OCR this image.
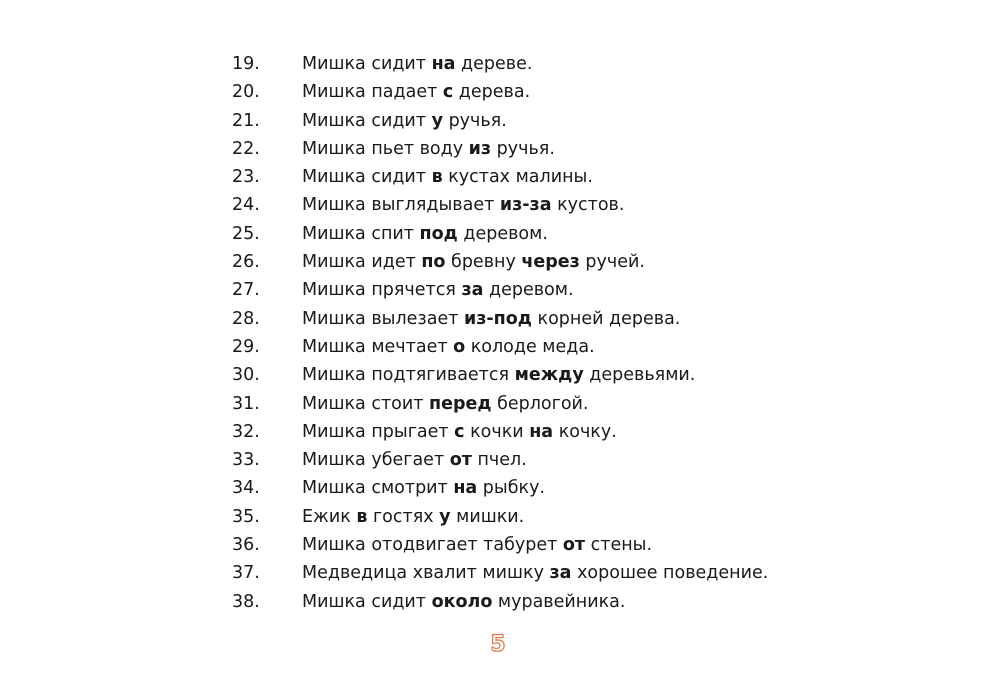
19.	Мишка сидит на дереве.
20.	Мишка падает с дерева.
21.	Мишка сидит у ручья.
22.	Мишка пьет воду из ручья.
23.	Мишка сидит в кустах малины.
24.	Мишка выглядывает из-за кустов.
25.	Мишка спит под деревом.
26.	Мишка идет по бревну через ручей.
27.	Мишка прячется за деревом.
28.	Мишка вылезает из-под корней дерева.
29.	Мишка мечтает о колоде меда.
30.	Мишка подтягивается между деревьями.
31.	Мишка стоит перед берлогой.
32.	Мишка прыгает с кочки на кочку.
33.	Мишка убегает от пчел.
34.	Мишка смотрит на рыбку.
35.	Ежик в гостях у мишки.
36.	Мишка отодвигает табурет от стены.
37.	Медведица хвалит мишку за хорошее поведение.
38.	Мишка сидит около муравейника.
5
